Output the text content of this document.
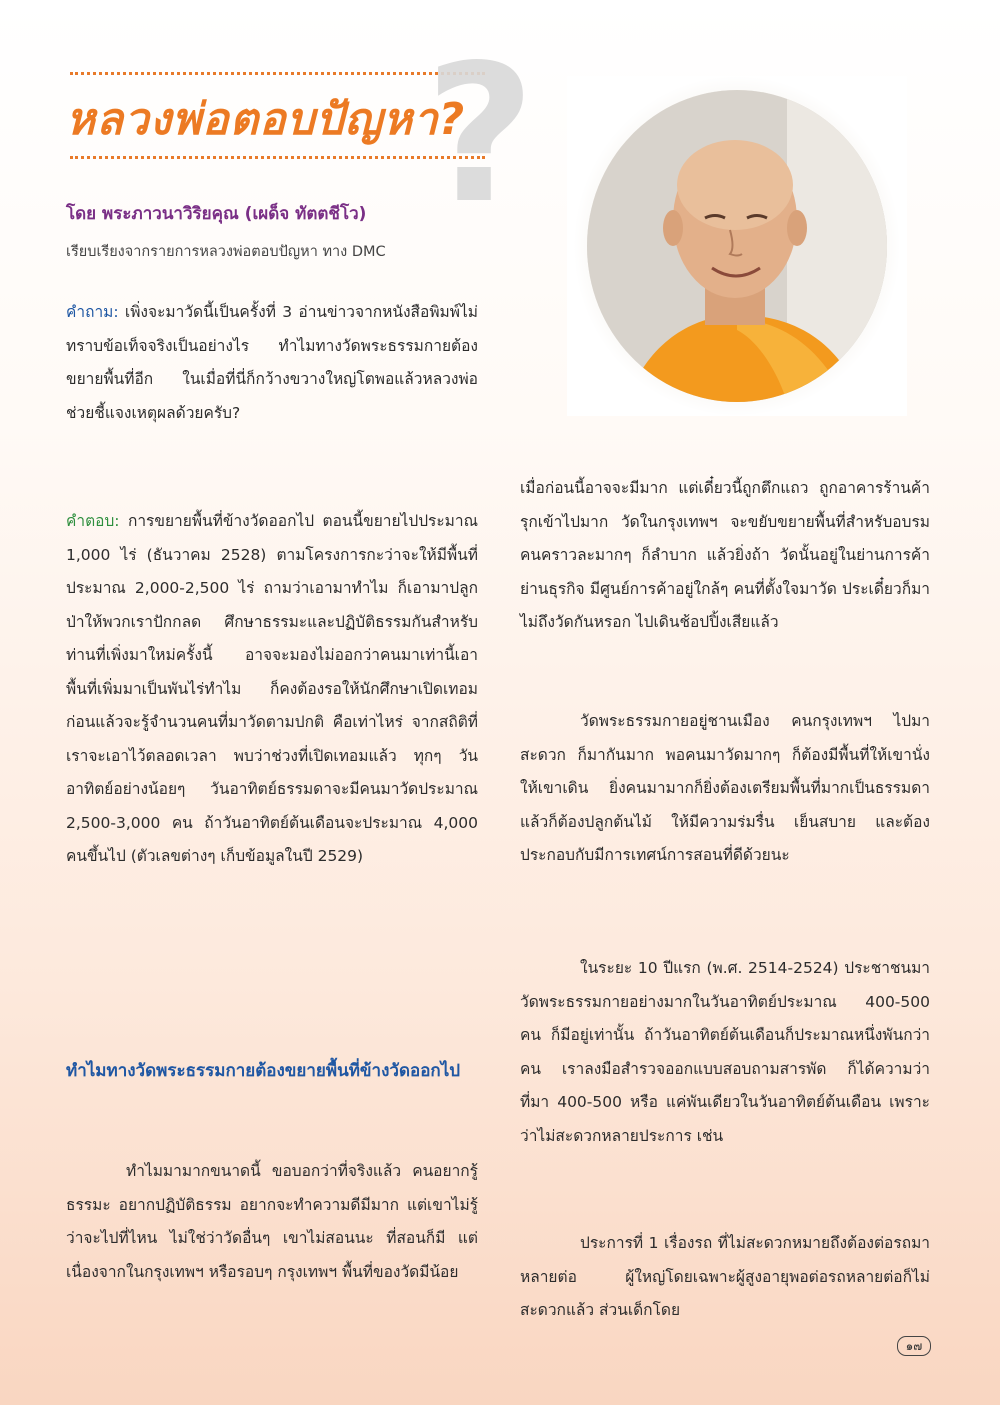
?
หลวงพ่อตอบปัญหา?
โดย พระภาวนาวิริยคุณ (เผด็จ ทัตตชีโว)
เรียบเรียงจากรายการหลวงพ่อตอบปัญหา ทาง DMC

คำถาม: เพิ่งจะมาวัดนี้เป็นครั้งที่ 3 อ่านข่าวจากหนังสือพิมพ์ไม่ทราบข้อเท็จจริงเป็นอย่างไร ทำไมทางวัดพระธรรมกายต้องขยายพื้นที่อีก ในเมื่อที่นี่ก็กว้างขวางใหญ่โตพอแล้วหลวงพ่อช่วยชี้แจงเหตุผลด้วยครับ?

คำตอบ: การขยายพื้นที่ข้างวัดออกไป ตอนนี้ขยายไปประมาณ 1,000 ไร่ (ธันวาคม 2528) ตามโครงการกะว่าจะให้มีพื้นที่ประมาณ 2,000-2,500 ไร่ ถามว่าเอามาทำไม ก็เอามาปลูกป่าให้พวกเราปักกลด ศึกษาธรรมะและปฏิบัติธรรมกันสำหรับท่านที่เพิ่งมาใหม่ครั้งนี้ อาจจะมองไม่ออกว่าคนมาเท่านี้เอาพื้นที่เพิ่มมาเป็นพันไร่ทำไม ก็คงต้องรอให้นักศึกษาเปิดเทอม ก่อนแล้วจะรู้จำนวนคนที่มาวัดตามปกติ คือเท่าไหร่ จากสถิติที่เราจะเอาไว้ตลอดเวลา พบว่าช่วงที่เปิดเทอมแล้ว ทุกๆ วันอาทิตย์อย่างน้อยๆ วันอาทิตย์ธรรมดาจะมีคนมาวัดประมาณ 2,500-3,000 คน ถ้าวันอาทิตย์ต้นเดือนจะประมาณ 4,000 คนขึ้นไป (ตัวเลขต่างๆ เก็บข้อมูลในปี 2529)

ทำไมทางวัดพระธรรมกายต้องขยายพื้นที่ข้างวัดออกไป

ทำไมมามากขนาดนี้ ขอบอกว่าที่จริงแล้ว คนอยากรู้ธรรมะ อยากปฏิบัติธรรม อยากจะทำความดีมีมาก แต่เขาไม่รู้ว่าจะไปที่ไหน ไม่ใช่ว่าวัดอื่นๆ เขาไม่สอนนะ ที่สอนก็มี แต่เนื่องจากในกรุงเทพฯ หรือรอบๆ กรุงเทพฯ พื้นที่ของวัดมีน้อย

เมื่อก่อนนี้อาจจะมีมาก แต่เดี๋ยวนี้ถูกตึกแถว ถูกอาคารร้านค้ารุกเข้าไปมาก วัดในกรุงเทพฯ จะขยับขยายพื้นที่สำหรับอบรมคนคราวละมากๆ ก็ลำบาก แล้วยิ่งถ้า วัดนั้นอยู่ในย่านการค้า ย่านธุรกิจ มีศูนย์การค้าอยู่ใกล้ๆ คนที่ตั้งใจมาวัด ประเดี๋ยวก็มาไม่ถึงวัดกันหรอก ไปเดินช้อปปิ้งเสียแล้ว

วัดพระธรรมกายอยู่ชานเมือง คนกรุงเทพฯ ไปมาสะดวก ก็มากันมาก พอคนมาวัดมากๆ ก็ต้องมีพื้นที่ให้เขานั่ง ให้เขาเดิน ยิ่งคนมามากก็ยิ่งต้องเตรียมพื้นที่มากเป็นธรรมดา แล้วก็ต้องปลูกต้นไม้ ให้มีความร่มรื่น เย็นสบาย และต้องประกอบกับมีการเทศน์การสอนที่ดีด้วยนะ

ในระยะ 10 ปีแรก (พ.ศ. 2514-2524) ประชาชนมาวัดพระธรรมกายอย่างมากในวันอาทิตย์ประมาณ 400-500 คน ก็มีอยู่เท่านั้น ถ้าวันอาทิตย์ต้นเดือนก็ประมาณหนึ่งพันกว่าคน เราลงมือสำรวจออกแบบสอบถามสารพัด ก็ได้ความว่า ที่มา 400-500 หรือ แค่พันเดียวในวันอาทิตย์ต้นเดือน เพราะว่าไม่สะดวกหลายประการ เช่น

ประการที่ 1 เรื่องรถ ที่ไม่สะดวกหมายถึงต้องต่อรถมาหลายต่อ ผู้ใหญ่โดยเฉพาะผู้สูงอายุพอต่อรถหลายต่อก็ไม่สะดวกแล้ว ส่วนเด็กโดย

๑๗
